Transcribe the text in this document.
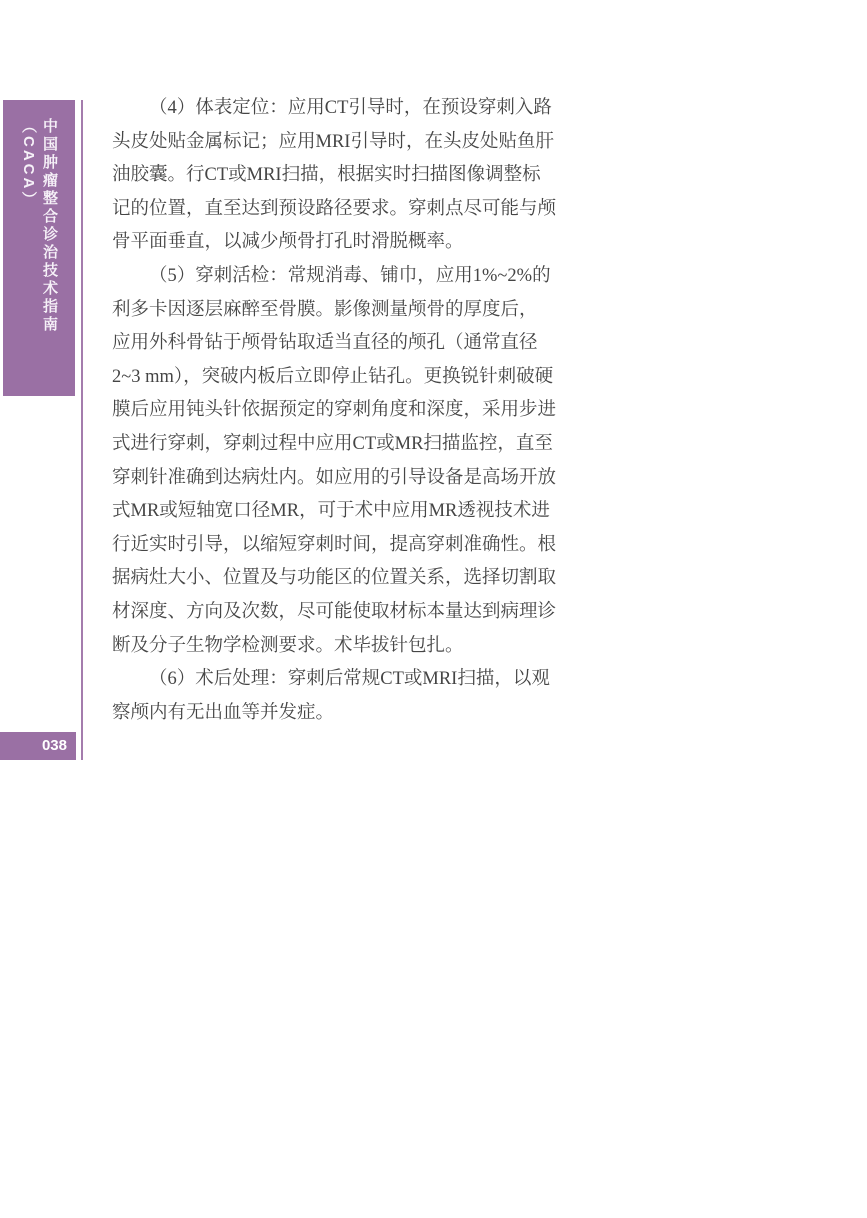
中国肿瘤整合诊治技术指南（CACA）
038
（4）体表定位：应用CT引导时，在预设穿刺入路
头皮处贴金属标记；应用MRI引导时，在头皮处贴鱼肝
油胶囊。行CT或MRI扫描，根据实时扫描图像调整标
记的位置，直至达到预设路径要求。穿刺点尽可能与颅
骨平面垂直，以减少颅骨打孔时滑脱概率。
（5）穿刺活检：常规消毒、铺巾，应用1%~2%的
利多卡因逐层麻醉至骨膜。影像测量颅骨的厚度后，
应用外科骨钻于颅骨钻取适当直径的颅孔（通常直径
2~3 mm），突破内板后立即停止钻孔。更换锐针刺破硬
膜后应用钝头针依据预定的穿刺角度和深度，采用步进
式进行穿刺，穿刺过程中应用CT或MR扫描监控，直至
穿刺针准确到达病灶内。如应用的引导设备是高场开放
式MR或短轴宽口径MR，可于术中应用MR透视技术进
行近实时引导，以缩短穿刺时间，提高穿刺准确性。根
据病灶大小、位置及与功能区的位置关系，选择切割取
材深度、方向及次数，尽可能使取材标本量达到病理诊
断及分子生物学检测要求。术毕拔针包扎。
（6）术后处理：穿刺后常规CT或MRI扫描，以观
察颅内有无出血等并发症。
